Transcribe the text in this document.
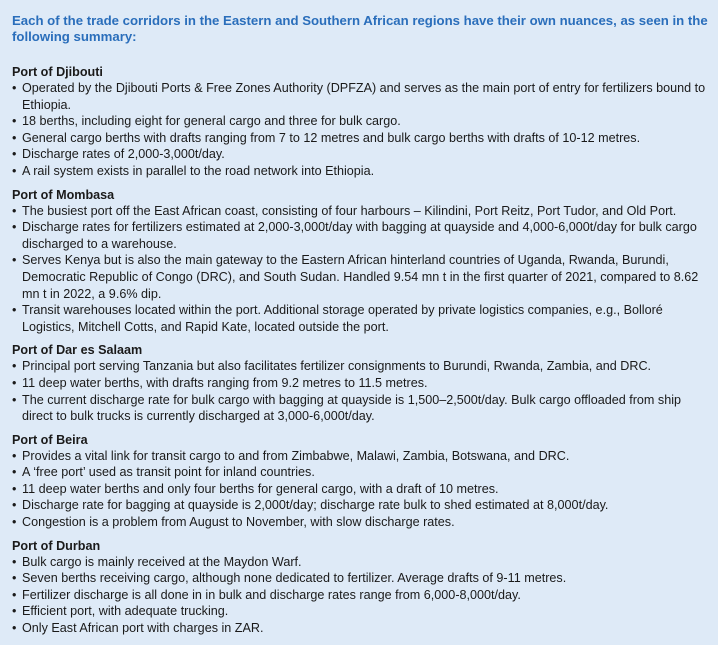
Each of the trade corridors in the Eastern and Southern African regions have their own nuances, as seen in the following summary:

Port of Djibouti

• Operated by the Djibouti Ports & Free Zones Authority (DPFZA) and serves as the main port of entry for fertilizers bound to Ethiopia.
• 18 berths, including eight for general cargo and three for bulk cargo.
• General cargo berths with drafts ranging from 7 to 12 metres and bulk cargo berths with drafts of 10-12 metres.
• Discharge rates of 2,000-3,000t/day.
• A rail system exists in parallel to the road network into Ethiopia.

Port of Mombasa

• The busiest port off the East African coast, consisting of four harbours – Kilindini, Port Reitz, Port Tudor, and Old Port.
• Discharge rates for fertilizers estimated at 2,000-3,000t/day with bagging at quayside and 4,000-6,000t/day for bulk cargo discharged to a warehouse.
• Serves Kenya but is also the main gateway to the Eastern African hinterland countries of Uganda, Rwanda, Burundi, Democratic Republic of Congo (DRC), and South Sudan. Handled 9.54 mn t in the first quarter of 2021, compared to 8.62 mn t in 2022, a 9.6% dip.
• Transit warehouses located within the port. Additional storage operated by private logistics companies, e.g., Bolloré Logistics, Mitchell Cotts, and Rapid Kate, located outside the port.

Port of Dar es Salaam

• Principal port serving Tanzania but also facilitates fertilizer consignments to Burundi, Rwanda, Zambia, and DRC.
• 11 deep water berths, with drafts ranging from 9.2 metres to 11.5 metres.
• The current discharge rate for bulk cargo with bagging at quayside is 1,500–2,500t/day. Bulk cargo offloaded from ship direct to bulk trucks is currently discharged at 3,000-6,000t/day.

Port of Beira

• Provides a vital link for transit cargo to and from Zimbabwe, Malawi, Zambia, Botswana, and DRC.
• A ‘free port’ used as transit point for inland countries.
• 11 deep water berths and only four berths for general cargo, with a draft of 10 metres.
• Discharge rate for bagging at quayside is 2,000t/day; discharge rate bulk to shed estimated at 8,000t/day.
• Congestion is a problem from August to November, with slow discharge rates.

Port of Durban

• Bulk cargo is mainly received at the Maydon Warf.
• Seven berths receiving cargo, although none dedicated to fertilizer. Average drafts of 9-11 metres.
• Fertilizer discharge is all done in in bulk and discharge rates range from 6,000-8,000t/day.
• Efficient port, with adequate trucking.
• Only East African port with charges in ZAR.
